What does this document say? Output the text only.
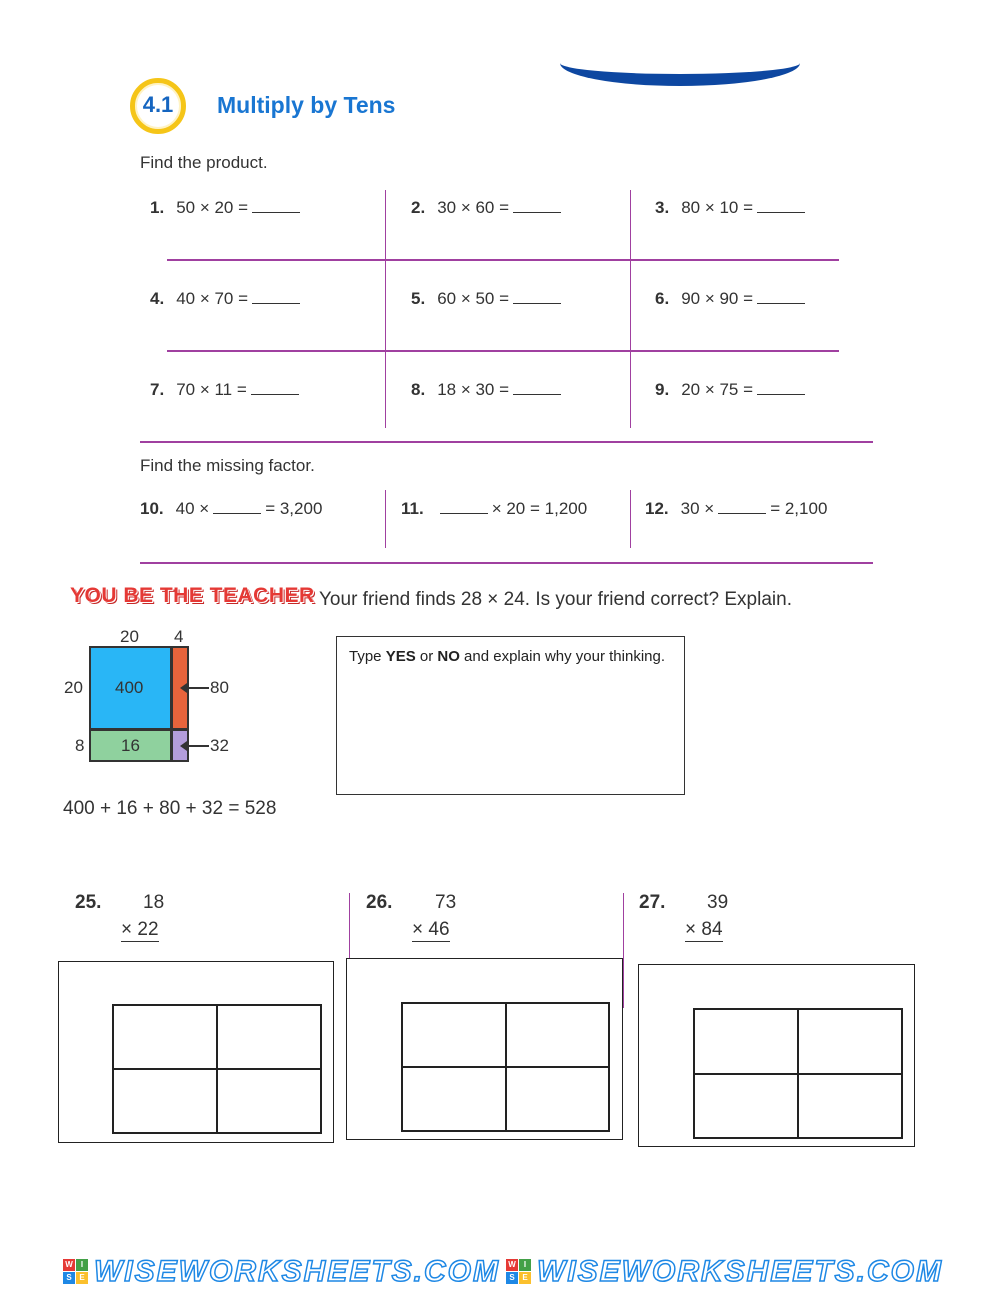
4.1	Multiply by Tens
Find the product.
1. 50 × 20 =	2. 30 × 60 =	3. 80 × 10 =
4. 40 × 70 =	5. 60 × 50 =	6. 90 × 90 =
7. 70 × 11 =	8. 18 × 30 =	9. 20 × 75 =
Find the missing factor.
10. 40 ×	= 3,200	11.	× 20 = 1,200	12. 30 ×	= 2,100
YOU BE THE TEACHER Your friend finds 28 × 24. Is your friend correct? Explain.
20 4
20
8
400
16
80
32
400 + 16 + 80 + 32 = 528
Type YES or NO and explain why your thinking.
25. 18
× 22
26. 73
× 46
27. 39
× 84
W	I
S E WISEWORKSHEETS.COM W	I
S E WISEWORKSHEETS.COM
